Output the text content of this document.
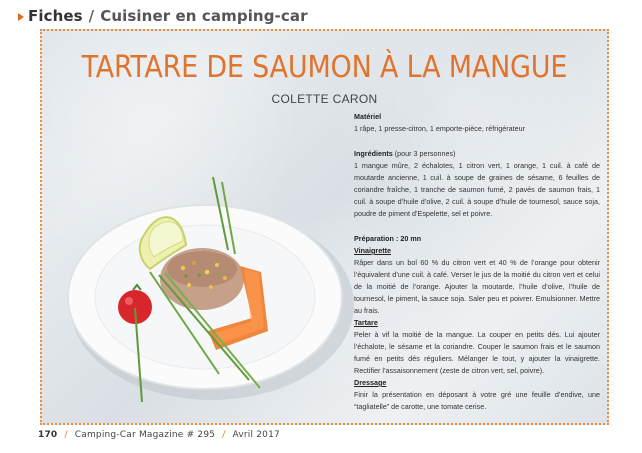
Fiches / Cuisiner en camping-car
TARTARE DE SAUMON À LA MANGUE
COLETTE CARON

Matériel

1 râpe, 1 presse-citron, 1 emporte-pièce, réfrigérateur

Ingrédients (pour 3 personnes)

1 mangue mûre, 2 échalotes, 1 citron vert, 1 orange, 1 cuil. à café de moutarde ancienne, 1 cuil. à soupe de graines de sésame, 6 feuilles de coriandre fraîche, 1 tranche de saumon fumé, 2 pavés de saumon frais, 1 cuil. à soupe d’huile d’olive, 2 cuil. à soupe d’huile de tournesol, sauce soja, poudre de piment d’Espelette, sel et poivre.

Préparation : 20 mn

Vinaigrette

Râper dans un bol 60 % du citron vert et 40 % de l’orange pour obtenir l’équivalent d’une cuil. à café. Verser le jus de la moitié du citron vert et celui de la moitié de l’orange. Ajouter la moutarde, l’huile d’olive, l’huile de tournesol, le piment, la sauce soja. Saler peu et poivrer. Emulsionner. Mettre au frais.

Tartare

Peler à vif la moitié de la mangue. La couper en petits dés. Lui ajouter l’échalote, le sésame et la coriandre. Couper le saumon frais et le saumon fumé en petits dés réguliers. Mélanger le tout, y ajouter la vinaigrette. Rectifier l’assaisonnement (zeste de citron vert, sel, poivre).

Dressage

Finir la présentation en déposant à votre gré une feuille d’endive, une “tagliatelle” de carotte, une tomate cerise.

170 / Camping-Car Magazine # 295 / Avril 2017
